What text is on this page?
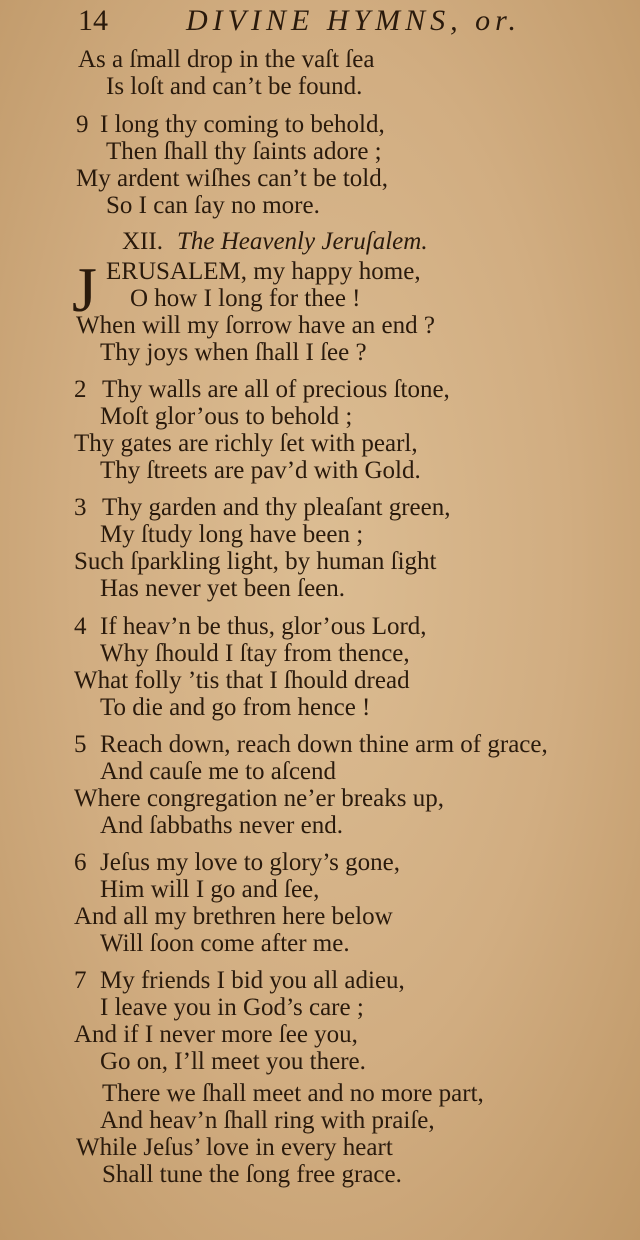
14	DIVINE HYMNS, or.
As a ſmall drop in the vaſt ſea
Is loſt and can’t be found.
9 I long thy coming to behold,
Then ſhall thy ſaints adore ;
My ardent wiſhes can’t be told,
So I can ſay no more.
XII. The Heavenly Jeruſalem.
J ERUSALEM, my happy home,
O how I long for thee !
When will my ſorrow have an end ?
Thy joys when ſhall I ſee ?
2 Thy walls are all of precious ſtone,
Moſt glor’ous to behold ;
Thy gates are richly ſet with pearl,
Thy ſtreets are pav’d with Gold.
3 Thy garden and thy pleaſant green,
My ſtudy long have been ;
Such ſparkling light, by human ſight
Has never yet been ſeen.
4 If heav’n be thus, glor’ous Lord,
Why ſhould I ſtay from thence,
What folly ’tis that I ſhould dread
To die and go from hence !
5 Reach down, reach down thine arm of grace,
And cauſe me to aſcend
Where congregation ne’er breaks up,
And ſabbaths never end.
6 Jeſus my love to glory’s gone,
Him will I go and ſee,
And all my brethren here below
Will ſoon come after me.
7 My friends I bid you all adieu,
I leave you in God’s care ;
And if I never more ſee you,
Go on, I’ll meet you there.
There we ſhall meet and no more part,
And heav’n ſhall ring with praiſe,
While Jeſus’ love in every heart
Shall tune the ſong free grace.
